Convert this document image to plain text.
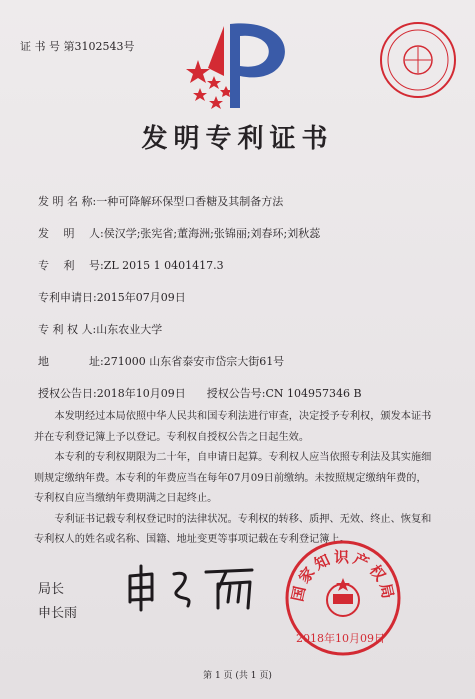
证 书 号 第3102543号
发明专利证书
发 明 名 称:一种可降解环保型口香糖及其制备方法
发 　明 　人:侯汉学;张宪省;董海洲;张锦丽;刘春环;刘秋蕊
专 　利 　号:ZL 2015 1 0401417.3
专利申请日:2015年07月09日
专 利 权 人:山东农业大学
地 　　　 址:271000 山东省泰安市岱宗大街61号
授权公告日:2018年10月09日 授权公告号:CN 104957346 B

本发明经过本局依照中华人民共和国专利法进行审查，决定授予专利权，颁发本证书

并在专利登记簿上予以登记。专利权自授权公告之日起生效。

本专利的专利权期限为二十年，自申请日起算。专利权人应当依照专利法及其实施细

则规定缴纳年费。本专利的年费应当在每年07月09日前缴纳。未按照规定缴纳年费的，

专利权自应当缴纳年费期满之日起终止。

专利证书记载专利权登记时的法律状况。专利权的转移、质押、无效、终止、恢复和

专利权人的姓名或名称、国籍、地址变更等事项记载在专利登记簿上。

局长
申长雨
国家知识产权局
2018年10月09日
第 1 页 (共 1 页)
